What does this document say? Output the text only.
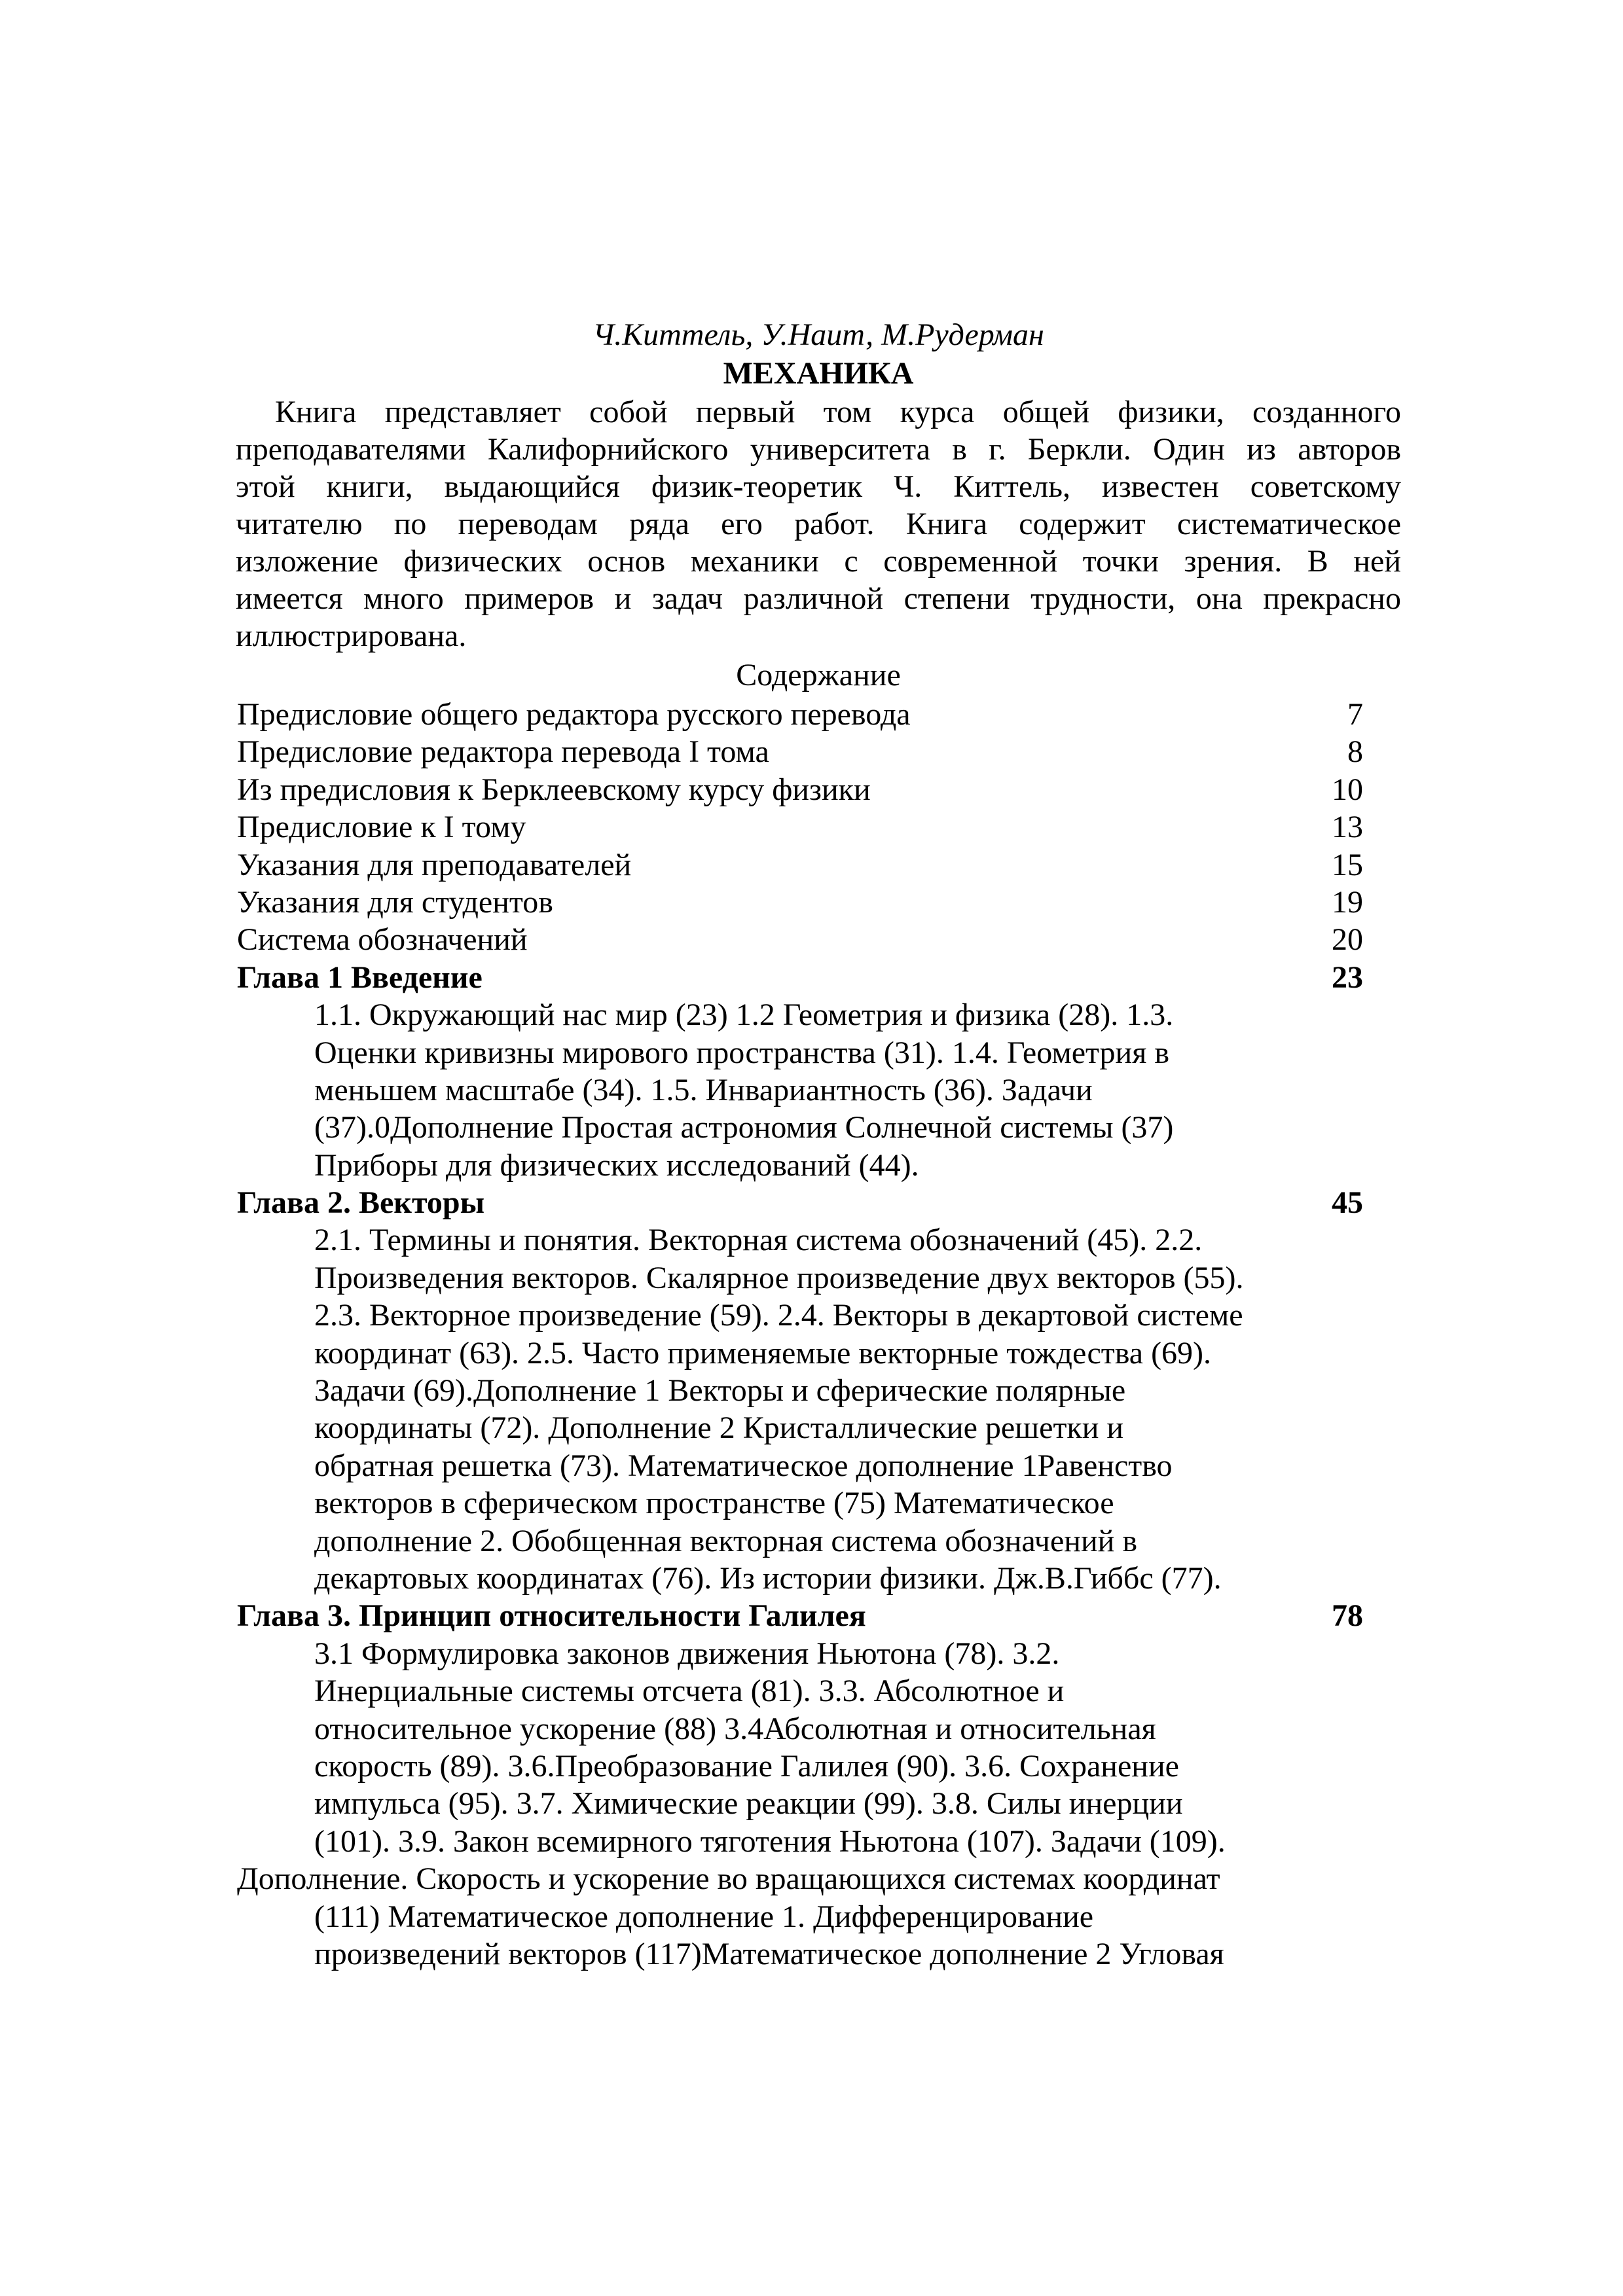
Ч.Киттель, У.Наит, М.Рудерман
МЕХАНИКА
Книга представляет собой первый том курса общей физики, созданного
преподавателями Калифорнийского университета в г. Беркли. Один из авторов
этой книги, выдающийся физик-теоретик Ч. Киттель, известен советскому
читателю по переводам ряда его работ. Книга содержит систематическое
изложение физических основ механики с современной точки зрения. В ней
имеется много примеров и задач различной степени трудности, она прекрасно
иллюстрирована.
Содержание
Предисловие общего редактора русского перевода	7
Предисловие редактора перевода I тома	8
Из предисловия к Берклеевскому курсу физики	10
Предисловие к I тому	13
Указания для преподавателей	15
Указания для студентов	19
Система обозначений	20
Глава 1 Введение	23
1.1. Окружающий нас мир (23) 1.2 Геометрия и физика (28). 1.3.
Оценки кривизны мирового пространства (31). 1.4. Геометрия в
меньшем масштабе (34). 1.5. Инвариантность (36). Задачи
(37).0Дополнение Простая астрономия Солнечной системы (37)
Приборы для физических исследований (44).
Глава 2. Векторы	45
2.1. Термины и понятия. Векторная система обозначений (45). 2.2.
Произведения векторов. Скалярное произведение двух векторов (55).
2.3. Векторное произведение (59). 2.4. Векторы в декартовой системе
координат (63). 2.5. Часто применяемые векторные тождества (69).
Задачи (69).Дополнение 1 Векторы и сферические полярные
координаты (72). Дополнение 2 Кристаллические решетки и
обратная решетка (73). Математическое дополнение 1Равенство
векторов в сферическом пространстве (75) Математическое
дополнение 2. Обобщенная векторная система обозначений в
декартовых координатах (76). Из истории физики. Дж.В.Гиббс (77).
Глава 3. Принцип относительности Галилея	78
3.1 Формулировка законов движения Ньютона (78). 3.2.
Инерциальные системы отсчета (81). 3.3. Абсолютное и
относительное ускорение (88) 3.4Абсолютная и относительная
скорость (89). 3.6.Преобразование Галилея (90). 3.6. Сохранение
импульса (95). 3.7. Химические реакции (99). 3.8. Силы инерции
(101). 3.9. Закон всемирного тяготения Ньютона (107). Задачи (109).
Дополнение. Скорость и ускорение во вращающихся системах координат
(111) Математическое дополнение 1. Дифференцирование
произведений векторов (117)Математическое дополнение 2 Угловая
